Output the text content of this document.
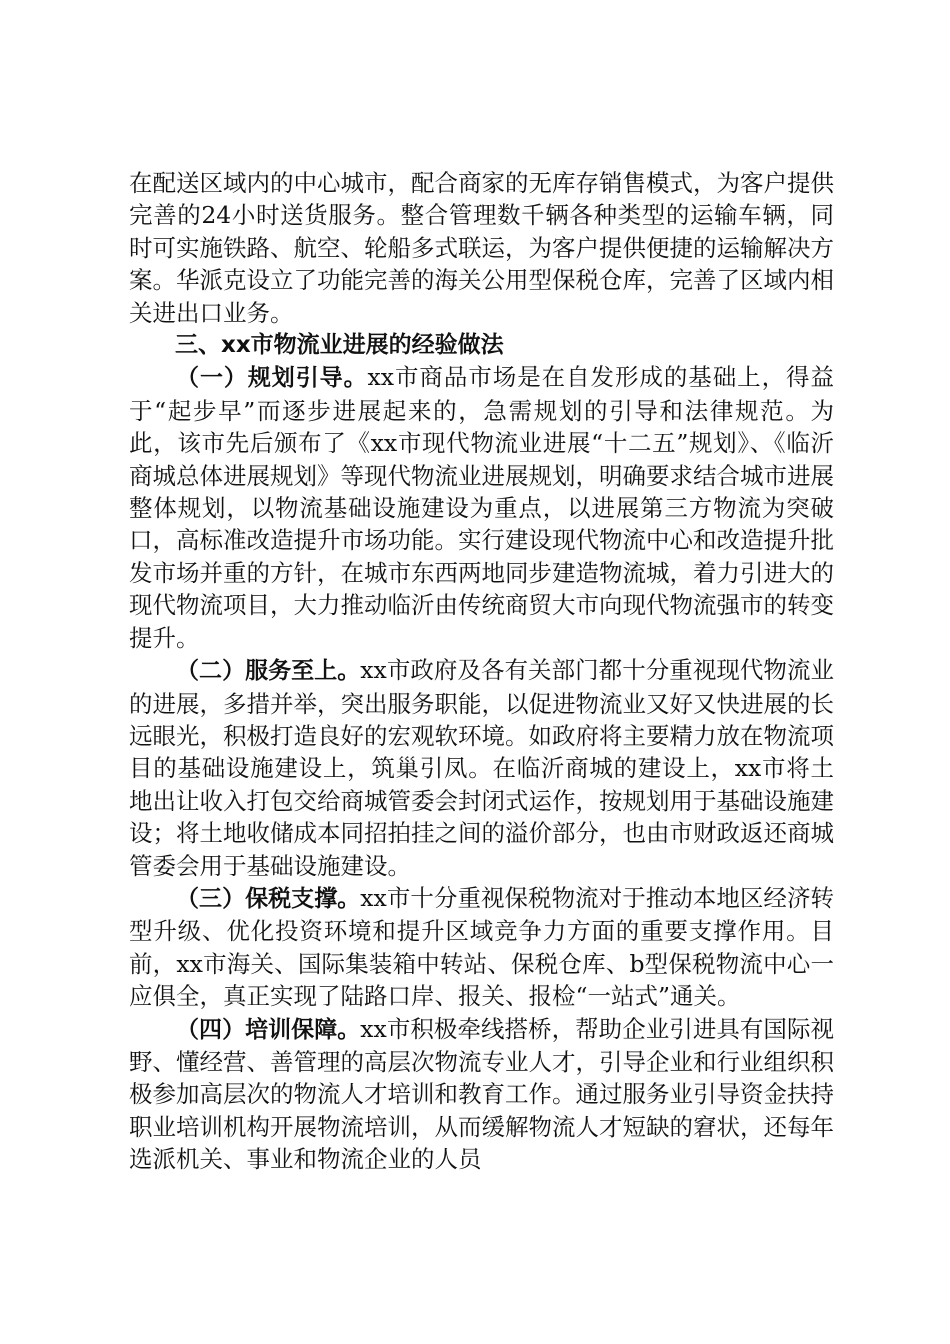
在配送区域内的中心城市，配合商家的无库存销售模式，为客户提供完善的24小时送货服务。整合管理数千辆各种类型的运输车辆，同时可实施铁路、航空、轮船多式联运，为客户提供便捷的运输解决方案。华派克设立了功能完善的海关公用型保税仓库，完善了区域内相关进出口业务。

三、xx市物流业进展的经验做法

（一）规划引导。xx市商品市场是在自发形成的基础上，得益于“起步早”而逐步进展起来的，急需规划的引导和法律规范。为此，该市先后颁布了《xx市现代物流业进展“十二五”规划》、《临沂商城总体进展规划》等现代物流业进展规划，明确要求结合城市进展整体规划，以物流基础设施建设为重点，以进展第三方物流为突破口，高标准改造提升市场功能。实行建设现代物流中心和改造提升批发市场并重的方针，在城市东西两地同步建造物流城，着力引进大的现代物流项目，大力推动临沂由传统商贸大市向现代物流强市的转变提升。

（二）服务至上。xx市政府及各有关部门都十分重视现代物流业的进展，多措并举，突出服务职能，以促进物流业又好又快进展的长远眼光，积极打造良好的宏观软环境。如政府将主要精力放在物流项目的基础设施建设上，筑巢引凤。在临沂商城的建设上，xx市将土地出让收入打包交给商城管委会封闭式运作，按规划用于基础设施建设；将土地收储成本同招拍挂之间的溢价部分，也由市财政返还商城管委会用于基础设施建设。

（三）保税支撑。xx市十分重视保税物流对于推动本地区经济转型升级、优化投资环境和提升区域竞争力方面的重要支撑作用。目前，xx市海关、国际集装箱中转站、保税仓库、b型保税物流中心一应俱全，真正实现了陆路口岸、报关、报检“一站式”通关。

（四）培训保障。xx市积极牵线搭桥，帮助企业引进具有国际视野、懂经营、善管理的高层次物流专业人才，引导企业和行业组织积极参加高层次的物流人才培训和教育工作。通过服务业引导资金扶持职业培训机构开展物流培训，从而缓解物流人才短缺的窘状，还每年选派机关、事业和物流企业的人员
